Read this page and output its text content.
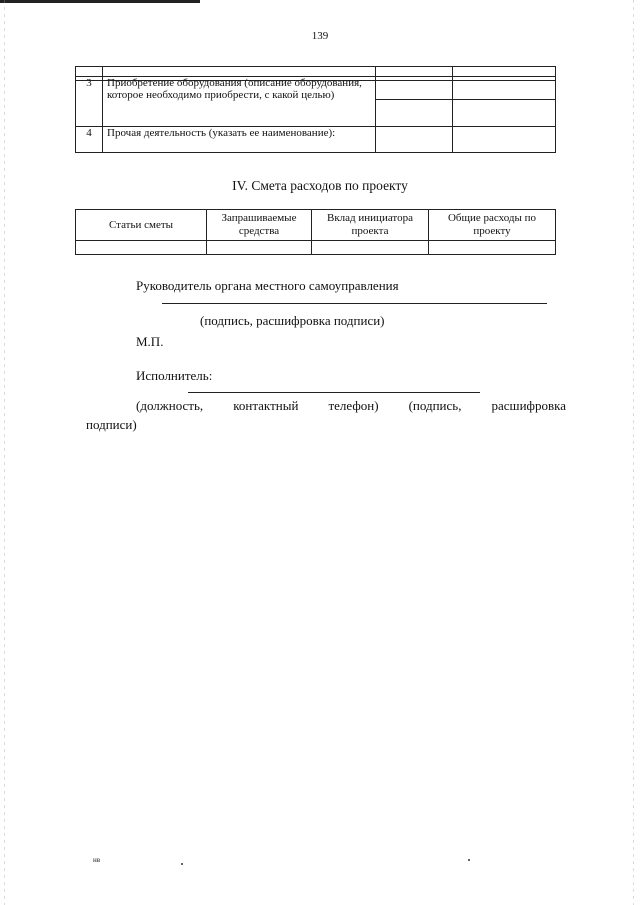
139

3	Приобретение оборудования (описание оборудования, которое необходимо приобрести, с какой целью)		
4	Прочая деятельность (указать ее наименование):		
IV. Смета расходов по проекту
Статьи сметы	Запрашиваемые средства	Вклад инициатора проекта	Общие расходы по проекту

Руководитель органа местного самоуправления
(подпись, расшифровка подписи)
М.П.
Исполнитель:
(должность, контактный телефон) (подпись, расшифровка
подписи)
нв
